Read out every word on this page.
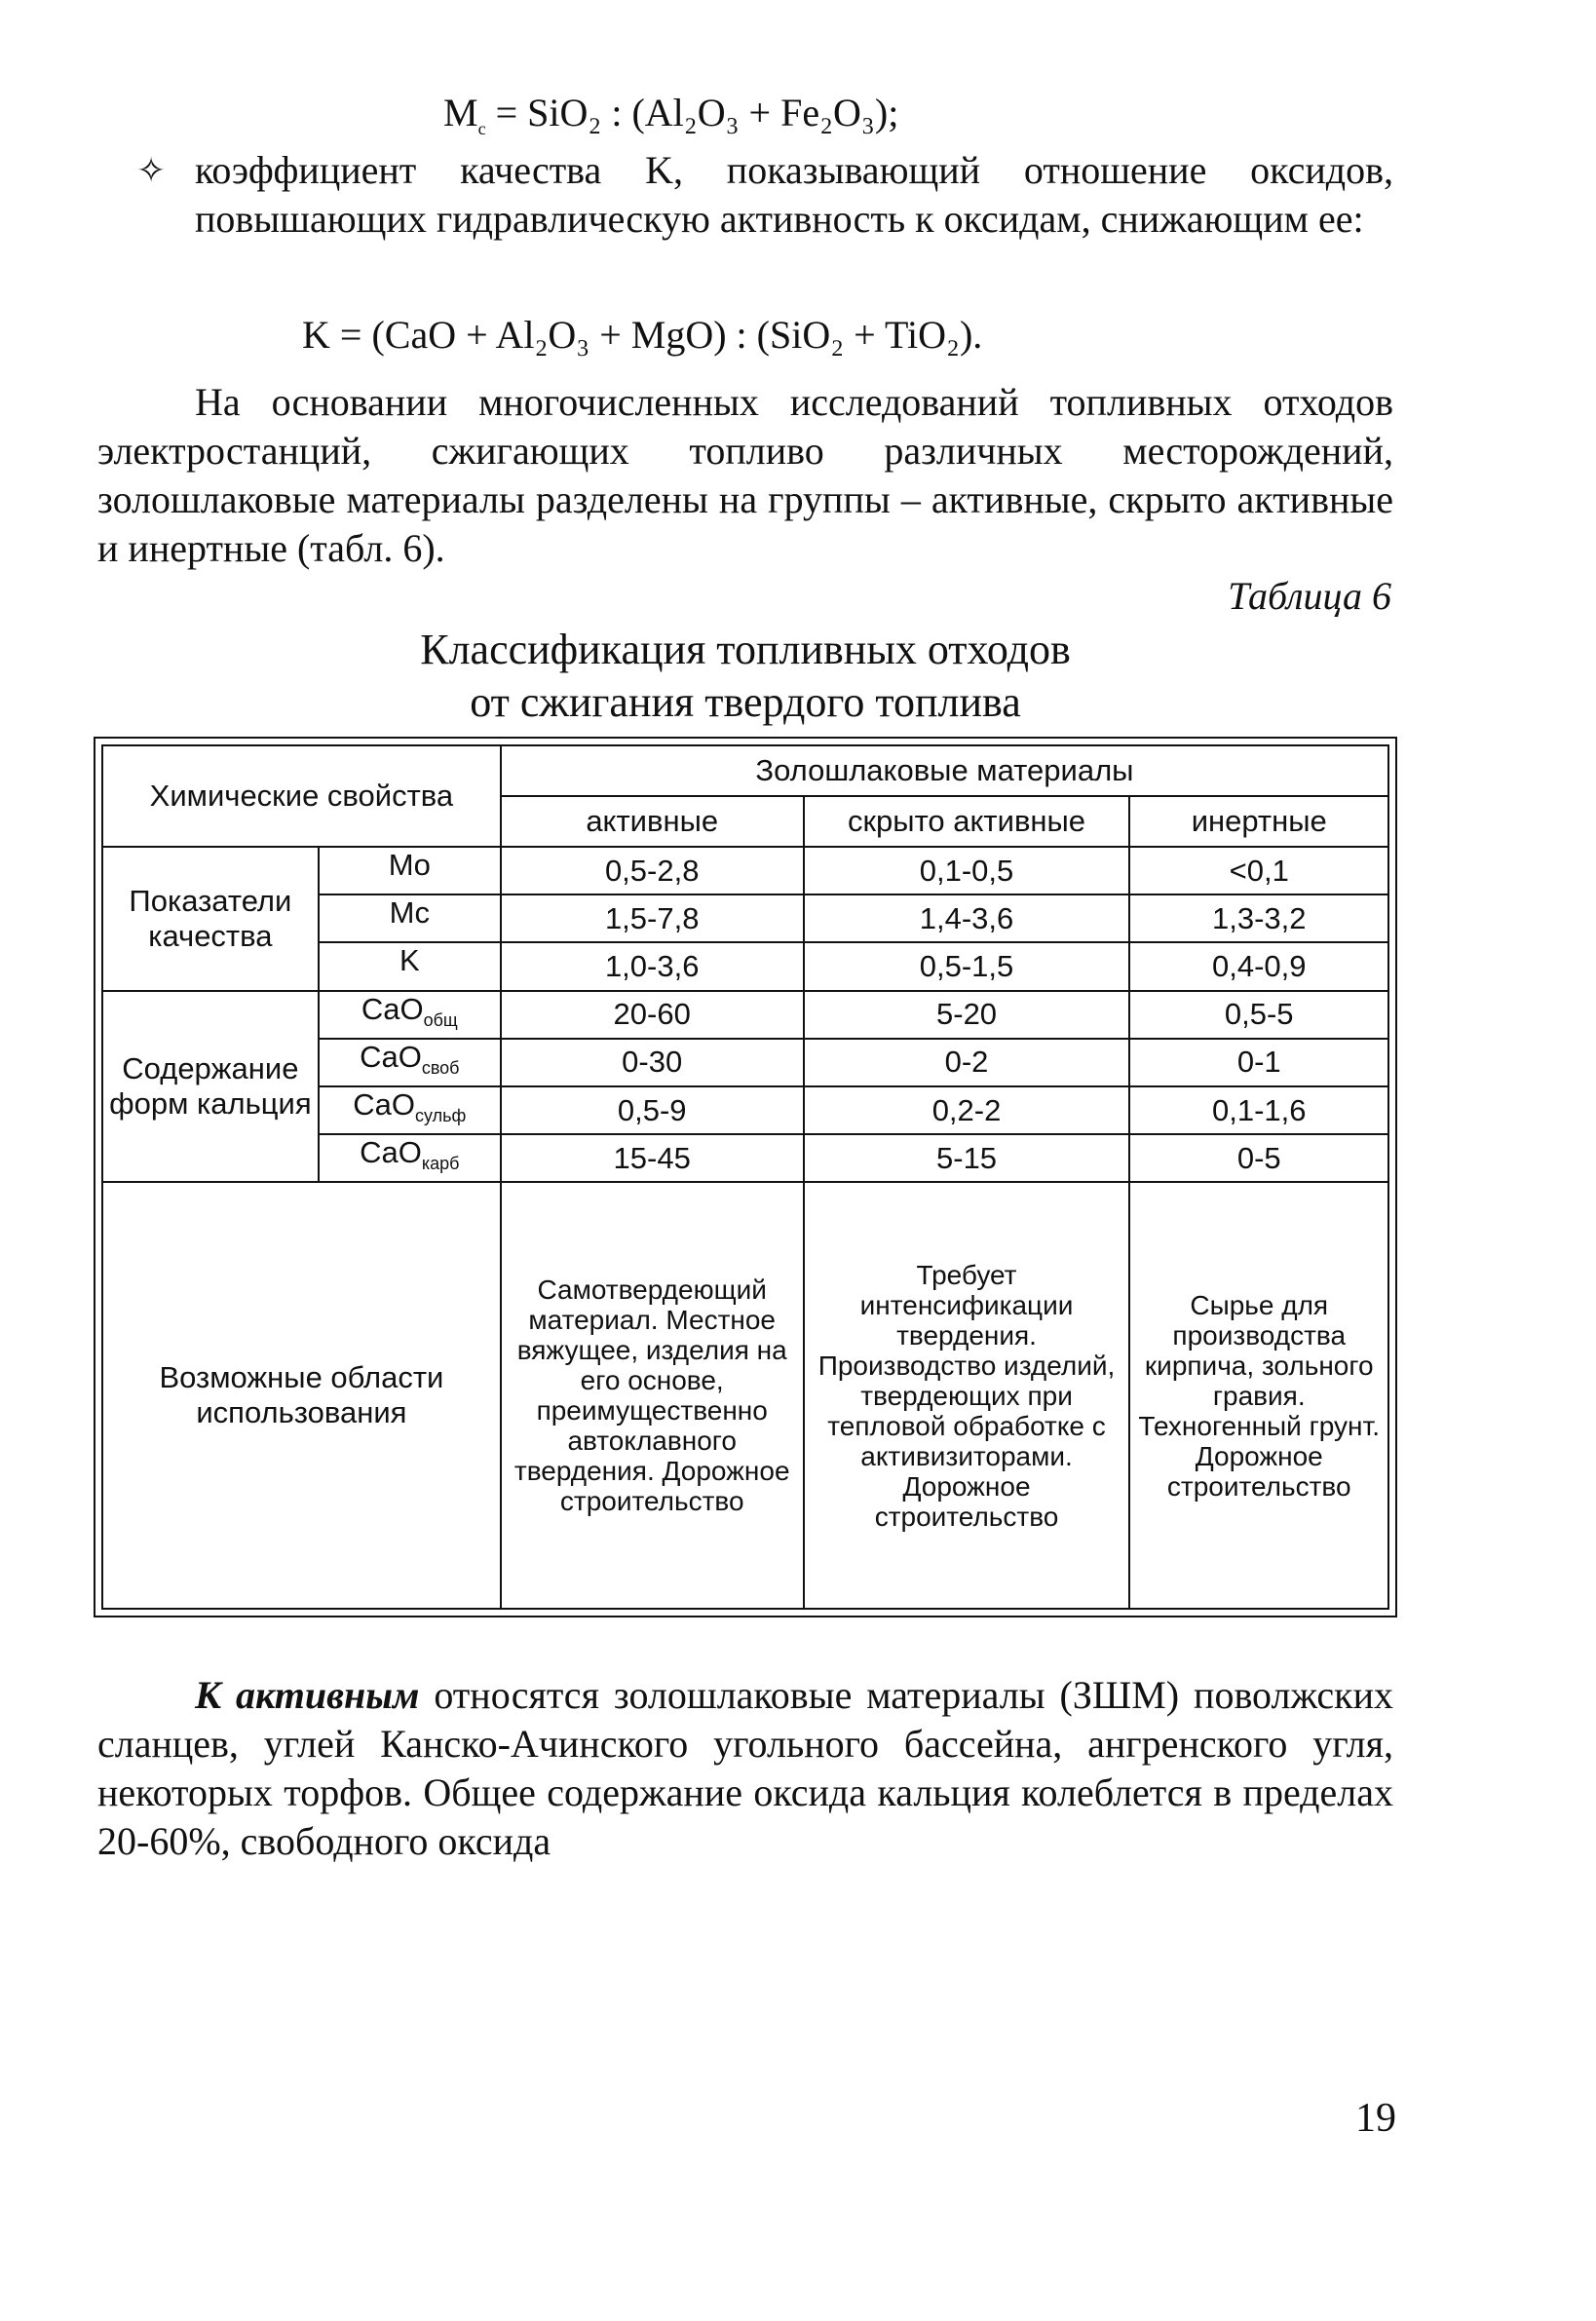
$M_c = SiO_2$ : (Al₂O₃ + Fe₂O₃);
✧ коэффициент качества K, показывающий отношение оксидов, повышающих гидравлическую активность к оксидам, снижающим ее:
K = (CaO + Al₂O₃ + MgO) : (SiO₂ + TiO₂).
На основании многочисленных исследований топливных отходов электростанций, сжигающих топливо различных месторождений, золошлаковые материалы разделены на группы – активные, скрыто активные и инертные (табл. 6).
Таблица 6
Классификация топливных отходов
от сжигания твердого топлива
Химические свойства		Золошлаковые материалы		
		активные	скрыто активные	инертные
Показатели качества	Mo	0,5-2,8	0,1-0,5	<0,1
	Mc	1,5-7,8	1,4-3,6	1,3-3,2
	K	1,0-3,6	0,5-1,5	0,4-0,9
Содержание форм кальция	CaO$_{общ}$	20-60	5-20	0,5-5
	CaO$_{своб}$	0-30	0-2	0-1
	CaO$_{сульф}$	0,5-9	0,2-2	0,1-1,6
	CaO$_{карб}$	15-45	5-15	0-5
Возможные области использования		Самотвердеющий материал. Местное вяжущее, изделия на его основе, преимущественно автоклавного твердения. Дорожное строительство	Требует интенсификации твердения. Производство изделий, твердеющих при тепловой обработке с активизиторами. Дорожное строительство	Сырье для производства кирпича, зольного гравия. Техногенный грунт. Дорожное строительство
К активным относятся золошлаковые материалы (ЗШМ) поволжских сланцев, углей Канско-Ачинского угольного бассейна, ангренского угля, некоторых торфов. Общее содержание оксида кальция колеблется в пределах 20-60%, свободного оксида
19
